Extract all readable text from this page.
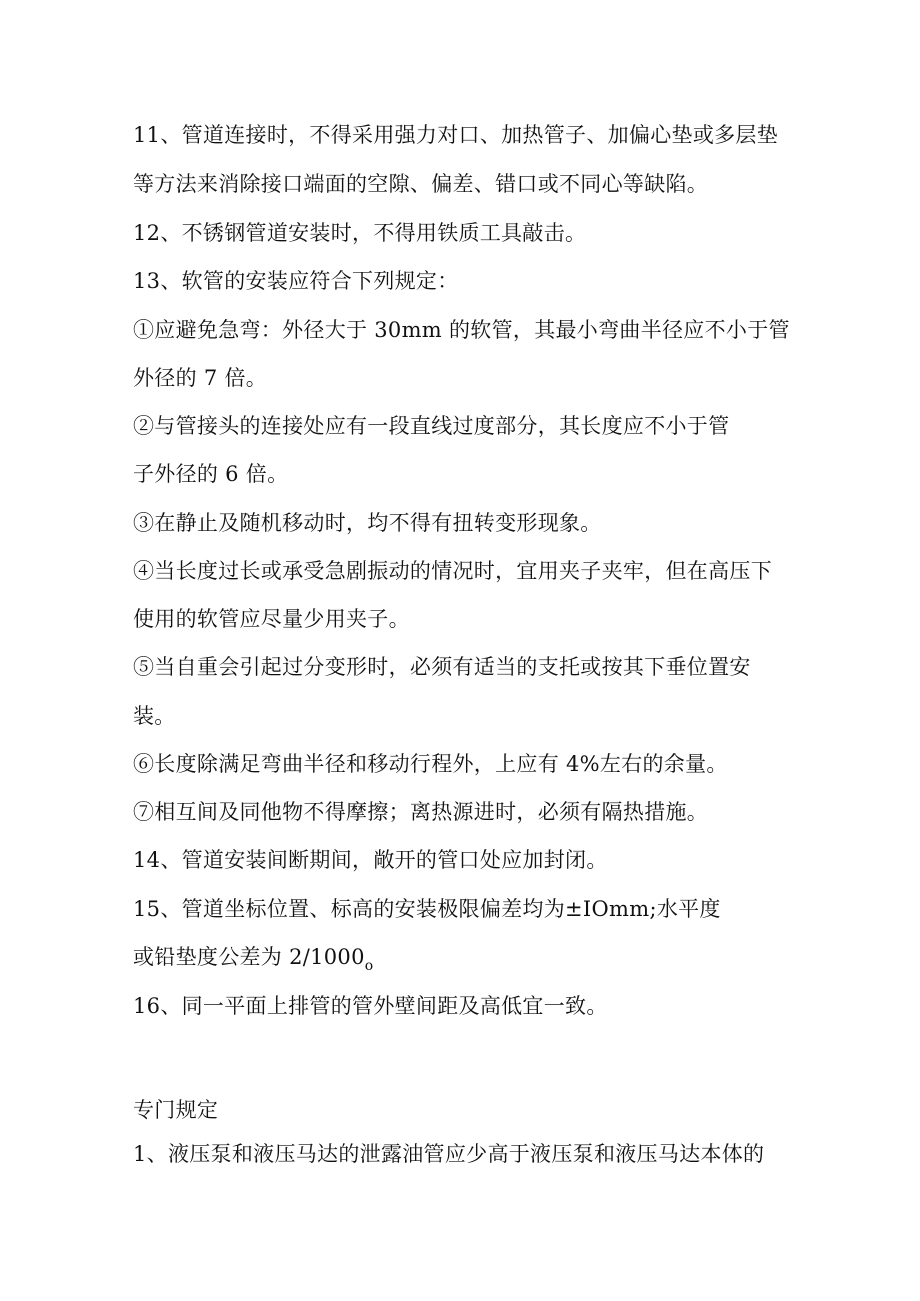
11、管道连接时，不得采用强力对口、加热管子、加偏心垫或多层垫
等方法来消除接口端面的空隙、偏差、错口或不同心等缺陷。
12、不锈钢管道安装时，不得用铁质工具敲击。
13、软管的安装应符合下列规定：
①应避免急弯：外径大于 30mm 的软管，其最小弯曲半径应不小于管
外径的 7 倍。
②与管接头的连接处应有一段直线过度部分，其长度应不小于管
子外径的 6 倍。
③在静止及随机移动时，均不得有扭转变形现象。
④当长度过长或承受急剧振动的情况时，宜用夹子夹牢，但在高压下
使用的软管应尽量少用夹子。
⑤当自重会引起过分变形时，必须有适当的支托或按其下垂位置安
装。
⑥长度除满足弯曲半径和移动行程外，上应有 4%左右的余量。
⑦相互间及同他物不得摩擦；离热源进时，必须有隔热措施。
14、管道安装间断期间，敞开的管口处应加封闭。
15、管道坐标位置、标高的安装极限偏差均为±IOmm;水平度
或铅垫度公差为 $2/1000_o$
16、同一平面上排管的管外壁间距及高低宜一致。
专门规定
1、液压泵和液压马达的泄露油管应少高于液压泵和液压马达本体的
